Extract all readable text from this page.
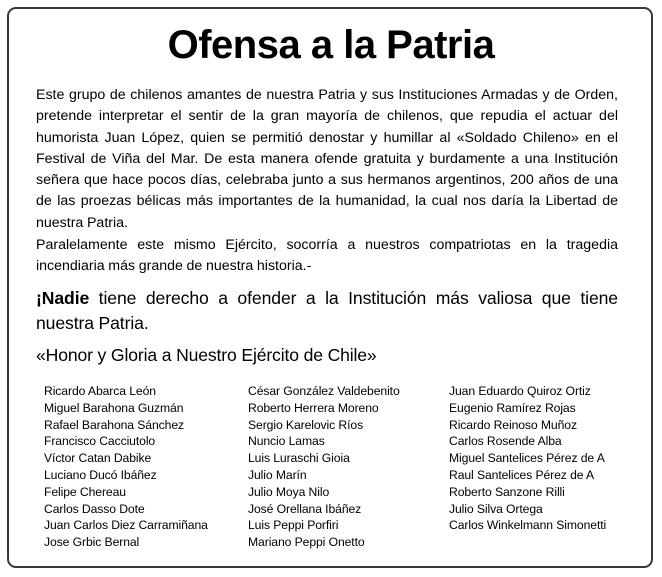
Ofensa a la Patria

Este grupo de chilenos amantes de nuestra Patria y sus Instituciones Armadas y de Orden, pretende interpretar el sentir de la gran mayoría de chilenos, que repudia el actuar del humorista Juan López, quien se permitió denostar y humillar al «Soldado Chileno» en el Festival de Viña del Mar. De esta manera ofende gratuita y burdamente a una Institución señera que hace pocos días, celebraba junto a sus hermanos argentinos, 200 años de una de las proezas bélicas más importantes de la humanidad, la cual nos daría la Libertad de nuestra Patria.

Paralelamente este mismo Ejército, socorría a nuestros compatriotas en la tragedia incendiaria más grande de nuestra historia.-

¡Nadie tiene derecho a ofender a la Institución más valiosa que tiene nuestra Patria.

«Honor y Gloria a Nuestro Ejército de Chile»

Ricardo Abarca León
Miguel Barahona Guzmán
Rafael Barahona Sánchez
Francisco Cacciutolo
Víctor Catan Dabike
Luciano Ducó Ibáñez
Felipe Chereau
Carlos Dasso Dote
Juan Carlos Diez Carramiñana
Jose Grbic Bernal
César González Valdebenito
Roberto Herrera Moreno
Sergio Karelovic Ríos
Nuncio Lamas
Luis Luraschi Gioia
Julio Marín
Julio Moya Nilo
José Orellana Ibáñez
Luis Peppi Porfiri
Mariano Peppi Onetto
Juan Eduardo Quiroz Ortiz
Eugenio Ramírez Rojas
Ricardo Reinoso Muñoz
Carlos Rosende Alba
Miguel Santelices Pérez de A
Raul Santelices Pérez de A
Roberto Sanzone Rilli
Julio Silva Ortega
Carlos Winkelmann Simonetti
